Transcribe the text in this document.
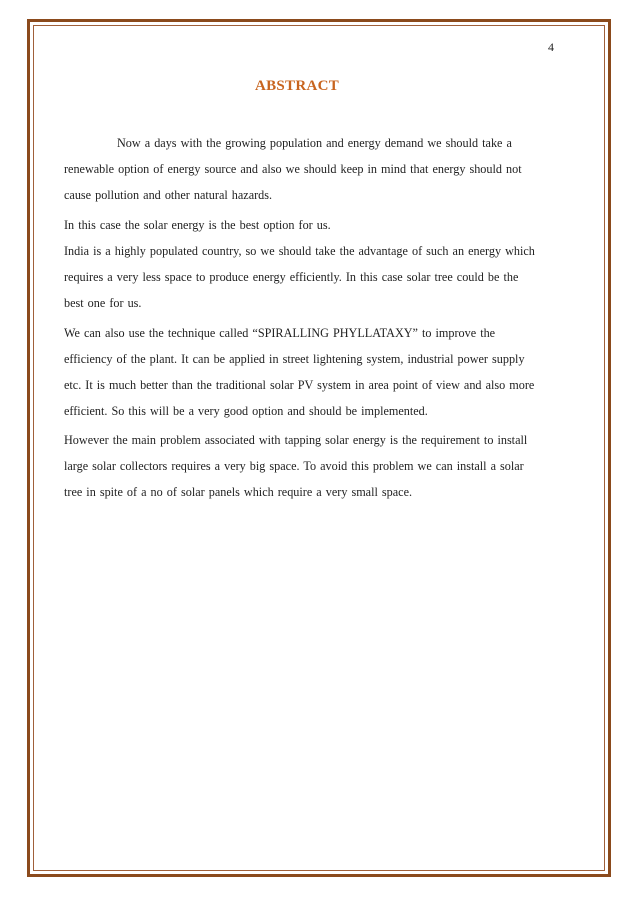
4
ABSTRACT
Now a days with the growing population and energy demand we should take a
renewable option of energy source and also we should keep in mind that energy should not
cause pollution and other natural hazards.
In this case the solar energy is the best option for us.
India is a highly populated country, so we should take the advantage of such an energy which
requires a very less space to produce energy efficiently. In this case solar tree could be the
best one for us.
We can also use the technique called “SPIRALLING PHYLLATAXY” to improve the
efficiency of the plant. It can be applied in street lightening system, industrial power supply
etc. It is much better than the traditional solar PV system in area point of view and also more
efficient. So this will be a very good option and should be implemented.
However the main problem associated with tapping solar energy is the requirement to install
large solar collectors requires a very big space. To avoid this problem we can install a solar
tree in spite of a no of solar panels which require a very small space.
